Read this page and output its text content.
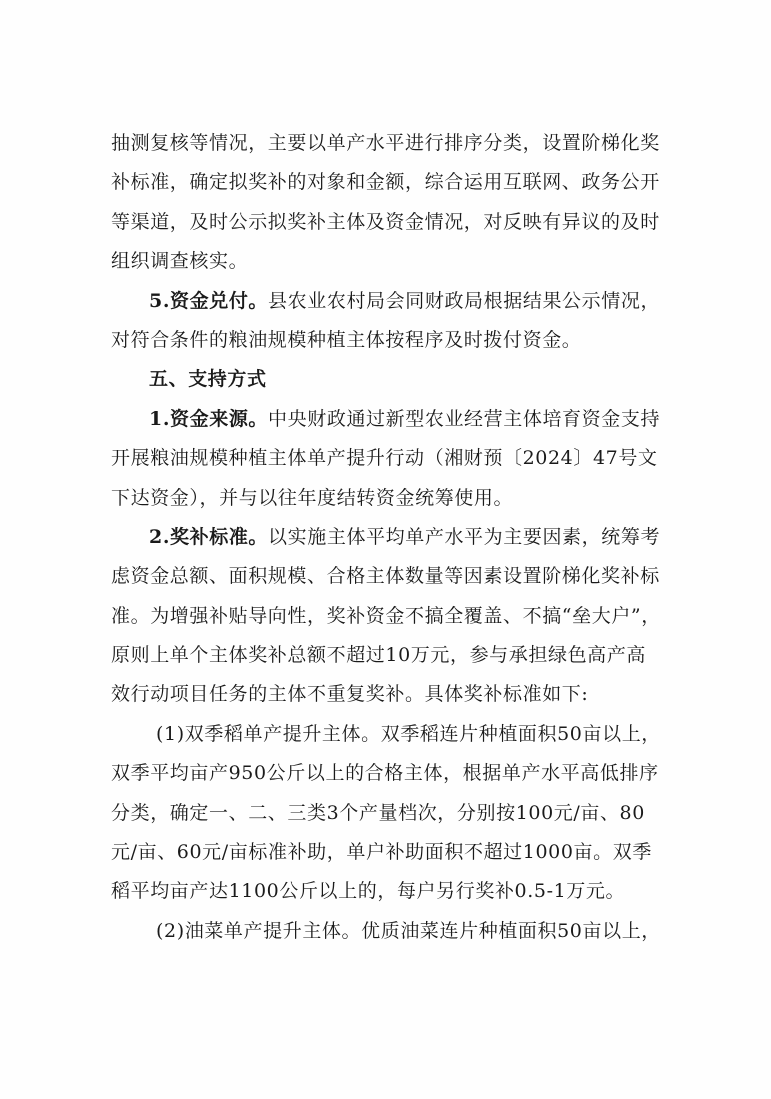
抽测复核等情况，主要以单产水平进行排序分类，设置阶梯化奖
补标准，确定拟奖补的对象和金额，综合运用互联网、政务公开
等渠道，及时公示拟奖补主体及资金情况，对反映有异议的及时
组织调查核实。
5.资金兑付。县农业农村局会同财政局根据结果公示情况，
对符合条件的粮油规模种植主体按程序及时拨付资金。
五、支持方式
1.资金来源。中央财政通过新型农业经营主体培育资金支持
开展粮油规模种植主体单产提升行动（湘财预〔2024〕47号文
下达资金），并与以往年度结转资金统筹使用。
2.奖补标准。以实施主体平均单产水平为主要因素，统筹考
虑资金总额、面积规模、合格主体数量等因素设置阶梯化奖补标
准。为增强补贴导向性，奖补资金不搞全覆盖、不搞“垒大户”，
原则上单个主体奖补总额不超过10万元，参与承担绿色高产高
效行动项目任务的主体不重复奖补。具体奖补标准如下:
(1)双季稻单产提升主体。双季稻连片种植面积50亩以上，
双季平均亩产950公斤以上的合格主体，根据单产水平高低排序
分类，确定一、二、三类3个产量档次，分别按100元/亩、80
元/亩、60元/亩标准补助，单户补助面积不超过1000亩。双季
稻平均亩产达1100公斤以上的，每户另行奖补0.5-1万元。
(2)油菜单产提升主体。优质油菜连片种植面积50亩以上，
